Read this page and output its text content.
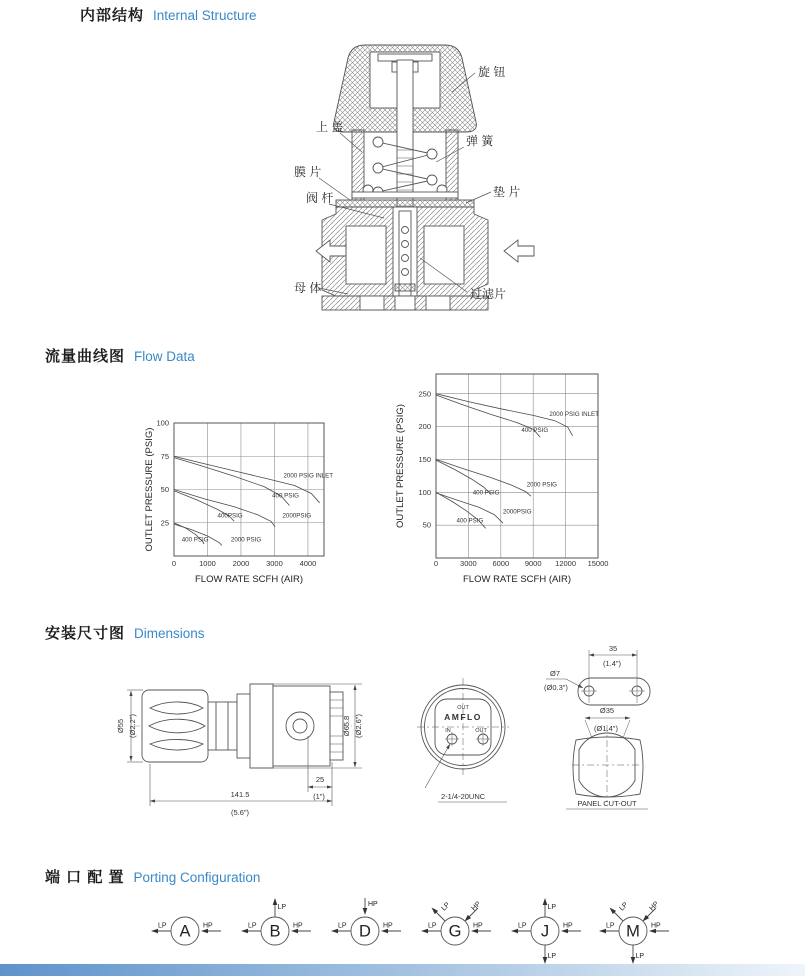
内部结构 Internal Structure
流量曲线图 Flow Data
安装尺寸图 Dimensions
端 口 配 置 Porting Configuration
旋 钮
上 盖
弹 簧
膜 片
阀 杆	垫 片
母 体	过滤片
Ø55 (Ø2.2")	Ø65.8 (Ø2.6")
141.5
(5.6")
25
(1")
OUT
AMFLO
IN	OUT
2-1/4-20UNC
35
(1.4")
Ø7
(Ø0.3")
Ø35
(Ø1.4")
PANEL CUT-OUT
0	1000 2000 3000 4000
25
50
75
100
2000 PSIG INLET
400 PSIG
400PSIG	2000PSIG
400 PSIG	2000 PSIG
FLOW RATE SCFH (AIR)
OUTLET PRESSURE (PSIG)
0	3000 6000 9000 12000 15000
50
100
150
200
250
2000 PSIG INLET
400 PSIG
2000 PSIG
400 PSIG
2000PSIG
400 PSIG
FLOW RATE SCFH (AIR)
OUTLET PRESSURE (PSIG)
LP	HP
A
LP
LP	HP
B
HP
LP	HP
D
LP	HP
LP	HP
G
LP
LP	HP
LP
J
LP	HP
LP	HP
LP
M
